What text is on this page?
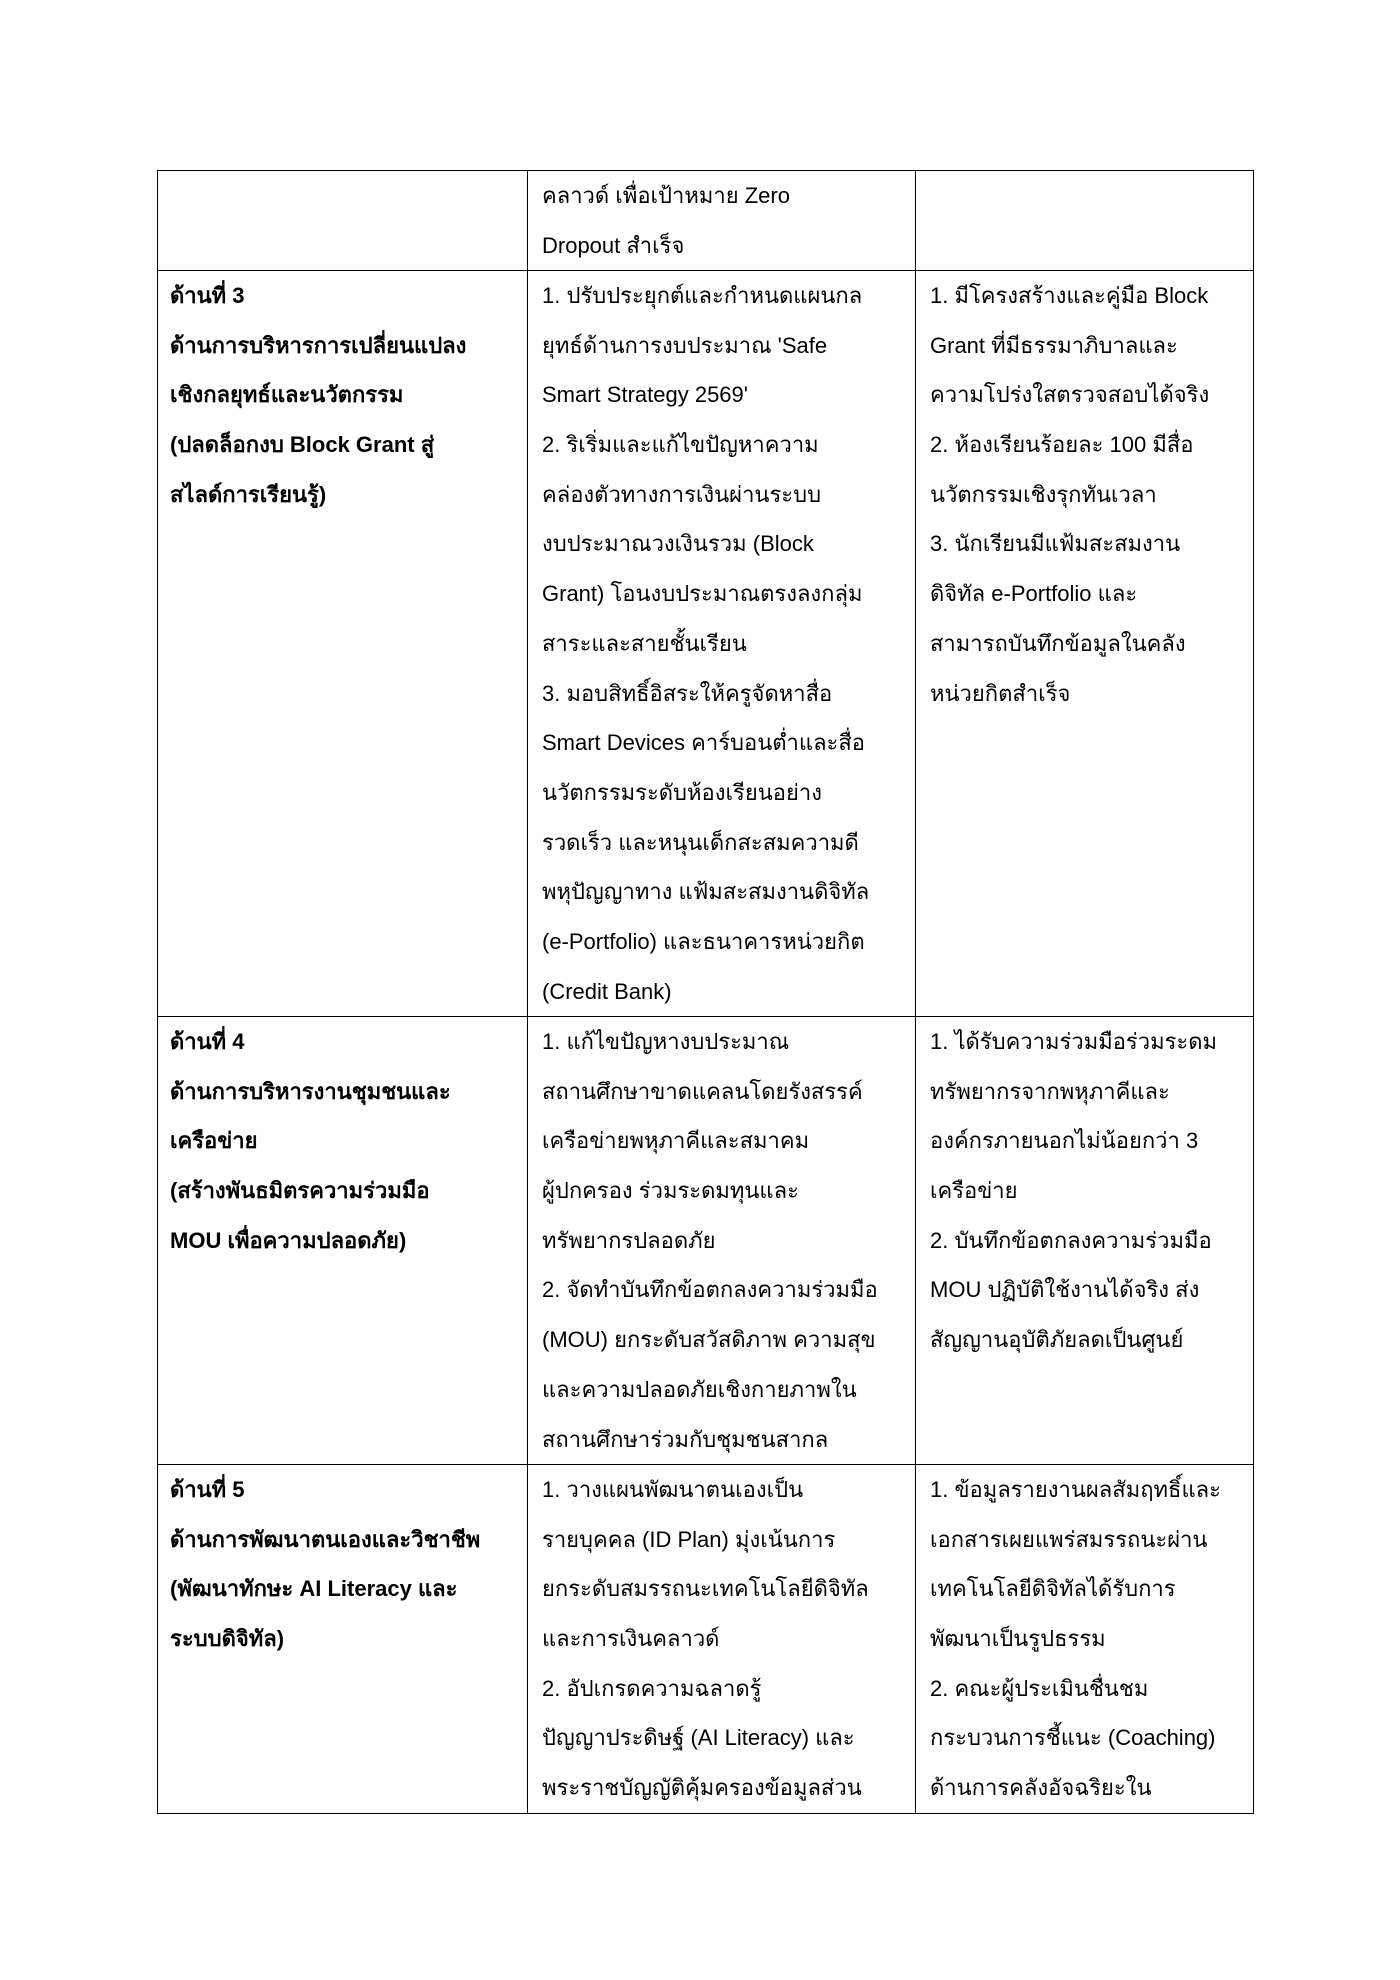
คลาวด์ เพื่อเป้าหมาย Zero
Dropout สำเร็จ
ด้านที่ 3
ด้านการบริหารการเปลี่ยนแปลง
เชิงกลยุทธ์และนวัตกรรม
(ปลดล็อกงบ Block Grant สู่
สไลด์การเรียนรู้)
1. ปรับประยุกต์และกำหนดแผนกล
ยุทธ์ด้านการงบประมาณ 'Safe
Smart Strategy 2569'
2. ริเริ่มและแก้ไขปัญหาความ
คล่องตัวทางการเงินผ่านระบบ
งบประมาณวงเงินรวม (Block
Grant) โอนงบประมาณตรงลงกลุ่ม
สาระและสายชั้นเรียน
3. มอบสิทธิ์อิสระให้ครูจัดหาสื่อ
Smart Devices คาร์บอนต่ำและสื่อ
นวัตกรรมระดับห้องเรียนอย่าง
รวดเร็ว และหนุนเด็กสะสมความดี
พหุปัญญาทาง แฟ้มสะสมงานดิจิทัล
(e-Portfolio) และธนาคารหน่วยกิต
(Credit Bank)
1. มีโครงสร้างและคู่มือ Block
Grant ที่มีธรรมาภิบาลและ
ความโปร่งใสตรวจสอบได้จริง
2. ห้องเรียนร้อยละ 100 มีสื่อ
นวัตกรรมเชิงรุกทันเวลา
3. นักเรียนมีแฟ้มสะสมงาน
ดิจิทัล e-Portfolio และ
สามารถบันทึกข้อมูลในคลัง
หน่วยกิตสำเร็จ
ด้านที่ 4
ด้านการบริหารงานชุมชนและ
เครือข่าย
(สร้างพันธมิตรความร่วมมือ
MOU เพื่อความปลอดภัย)
1. แก้ไขปัญหางบประมาณ
สถานศึกษาขาดแคลนโดยรังสรรค์
เครือข่ายพหุภาคีและสมาคม
ผู้ปกครอง ร่วมระดมทุนและ
ทรัพยากรปลอดภัย
2. จัดทำบันทึกข้อตกลงความร่วมมือ
(MOU) ยกระดับสวัสดิภาพ ความสุข
และความปลอดภัยเชิงกายภาพใน
สถานศึกษาร่วมกับชุมชนสากล
1. ได้รับความร่วมมือร่วมระดม
ทรัพยากรจากพหุภาคีและ
องค์กรภายนอกไม่น้อยกว่า 3
เครือข่าย
2. บันทึกข้อตกลงความร่วมมือ
MOU ปฏิบัติใช้งานได้จริง ส่ง
สัญญานอุบัติภัยลดเป็นศูนย์
ด้านที่ 5
ด้านการพัฒนาตนเองและวิชาชีพ
(พัฒนาทักษะ AI Literacy และ
ระบบดิจิทัล)
1. วางแผนพัฒนาตนเองเป็น
รายบุคคล (ID Plan) มุ่งเน้นการ
ยกระดับสมรรถนะเทคโนโลยีดิจิทัล
และการเงินคลาวด์
2. อัปเกรดความฉลาดรู้
ปัญญาประดิษฐ์ (AI Literacy) และ
พระราชบัญญัติคุ้มครองข้อมูลส่วน
1. ข้อมูลรายงานผลสัมฤทธิ์และ
เอกสารเผยแพร่สมรรถนะผ่าน
เทคโนโลยีดิจิทัลได้รับการ
พัฒนาเป็นรูปธรรม
2. คณะผู้ประเมินชื่นชม
กระบวนการชี้แนะ (Coaching)
ด้านการคลังอัจฉริยะใน
